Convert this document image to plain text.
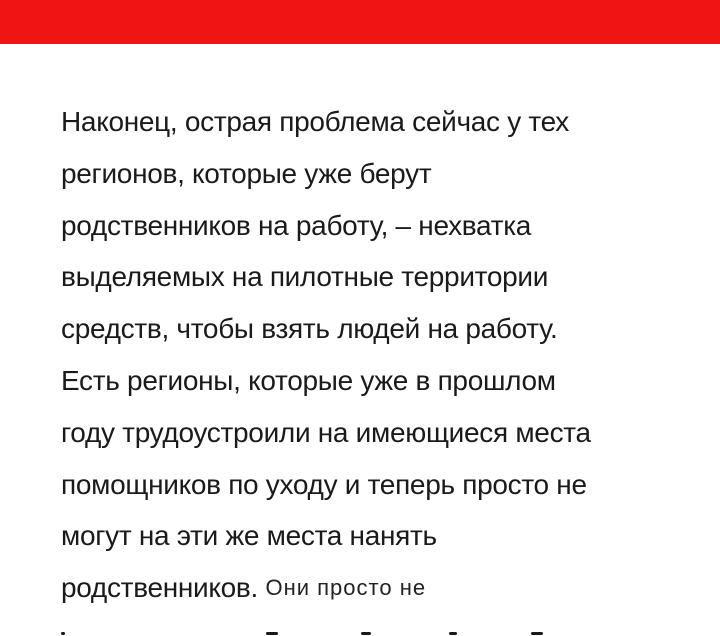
Наконец, острая проблема сейчас у тех
регионов, которые уже берут
родственников на работу, – нехватка
выделяемых на пилотные территории
средств, чтобы взять людей на работу.
Есть регионы, которые уже в прошлом
году трудоустроили на имеющиеся места
помощников по уходу и теперь просто не
могут на эти же места нанять
родственников. Они просто не
